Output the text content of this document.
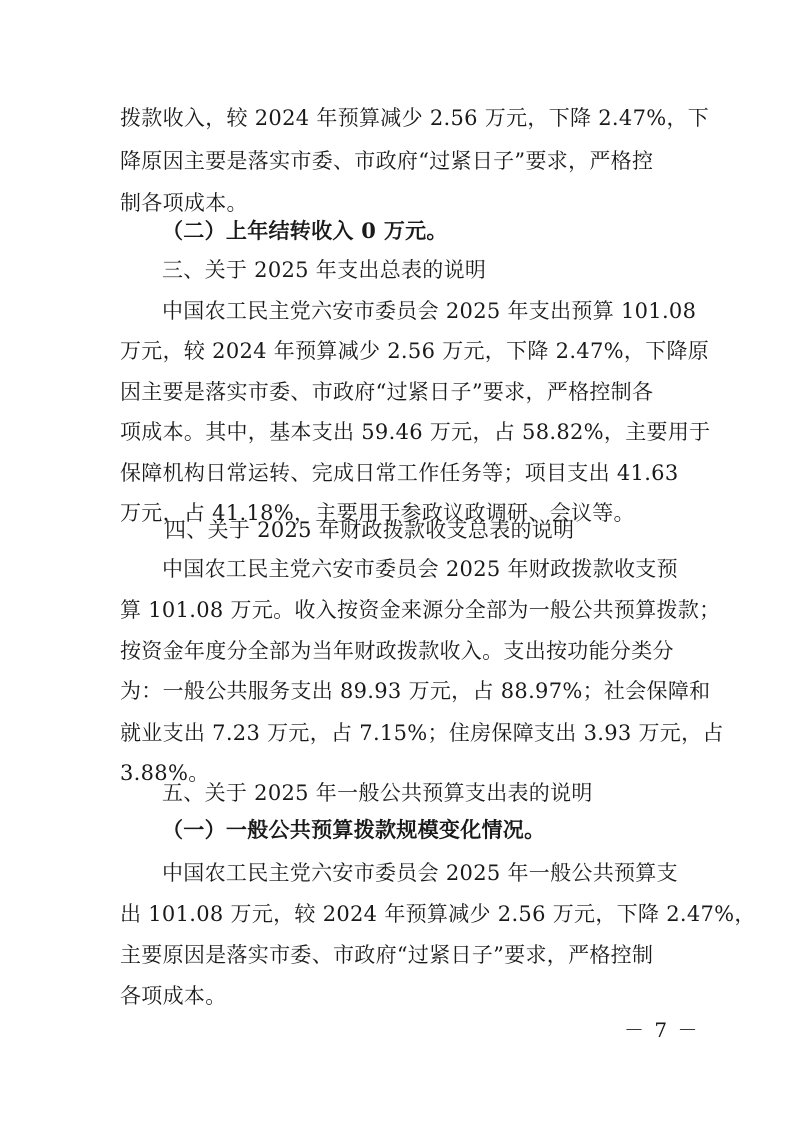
拨款收入，较 2024 年预算减少 2.56 万元，下降 2.47%，下
降原因主要是落实市委、市政府“过紧日子”要求，严格控
制各项成本。
（二）上年结转收入 0 万元。
三、关于 2025 年支出总表的说明
中国农工民主党六安市委员会 2025 年支出预算 101.08
万元，较 2024 年预算减少 2.56 万元，下降 2.47%，下降原
因主要是落实市委、市政府“过紧日子”要求，严格控制各
项成本。其中，基本支出 59.46 万元，占 58.82%，主要用于
保障机构日常运转、完成日常工作任务等；项目支出 41.63
万元，占 41.18%，主要用于参政议政调研、会议等。
四、关于 2025 年财政拨款收支总表的说明
中国农工民主党六安市委员会 2025 年财政拨款收支预
算 101.08 万元。收入按资金来源分全部为一般公共预算拨款；
按资金年度分全部为当年财政拨款收入。支出按功能分类分
为：一般公共服务支出 89.93 万元，占 88.97%；社会保障和
就业支出 7.23 万元，占 7.15%；住房保障支出 3.93 万元，占
3.88%。
五、关于 2025 年一般公共预算支出表的说明
（一）一般公共预算拨款规模变化情况。
中国农工民主党六安市委员会 2025 年一般公共预算支
出 101.08 万元，较 2024 年预算减少 2.56 万元，下降 2.47%，
主要原因是落实市委、市政府“过紧日子”要求，严格控制
各项成本。
－ 7 －
